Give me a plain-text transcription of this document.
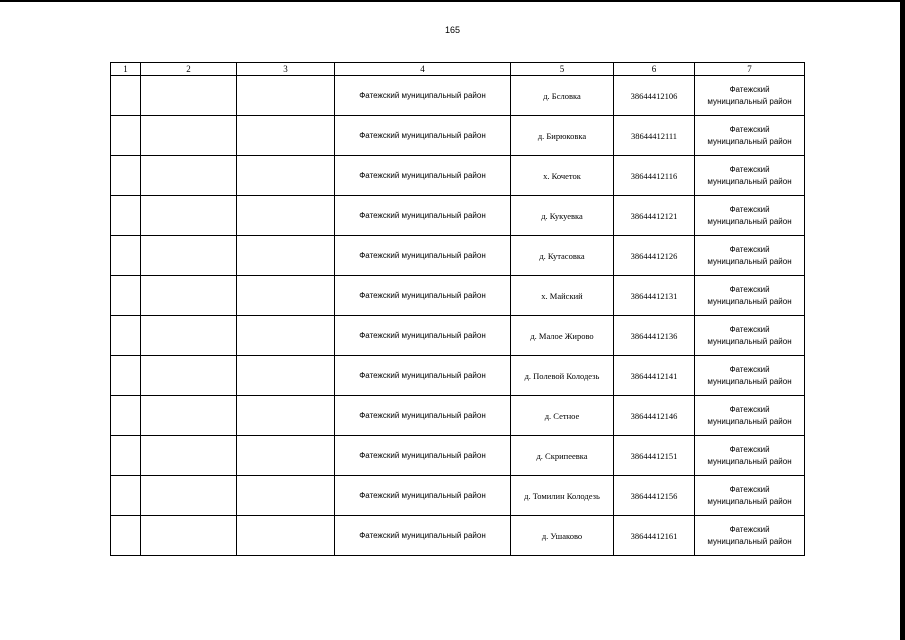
165
1	2	3	4	5	6	7
			Фатежский муниципальный район	д. Бсловка	38644412106	Фатежский
муниципальный район

			Фатежский муниципальный район	д. Бирюковка	38644412111	Фатежский
муниципальный район

			Фатежский муниципальный район	х. Кочеток	38644412116	Фатежский
муниципальный район

			Фатежский муниципальный район	д. Кукуевка	38644412121	Фатежский
муниципальный район

			Фатежский муниципальный район	д. Кутасовка	38644412126	Фатежский
муниципальный район

			Фатежский муниципальный район	х. Майский	38644412131	Фатежский
муниципальный район

			Фатежский муниципальный район	д. Малое Жирово	38644412136	Фатежский
муниципальный район

			Фатежский муниципальный район	д. Полевой Колодезь	38644412141	Фатежский
муниципальный район

			Фатежский муниципальный район	д. Сетное	38644412146	Фатежский
муниципальный район

			Фатежский муниципальный район	д. Скрипеевка	38644412151	Фатежский
муниципальный район

			Фатежский муниципальный район	д. Томилин Колодезь	38644412156	Фатежский
муниципальный район

			Фатежский муниципальный район	д. Ушаково	38644412161	Фатежский
муниципальный район
